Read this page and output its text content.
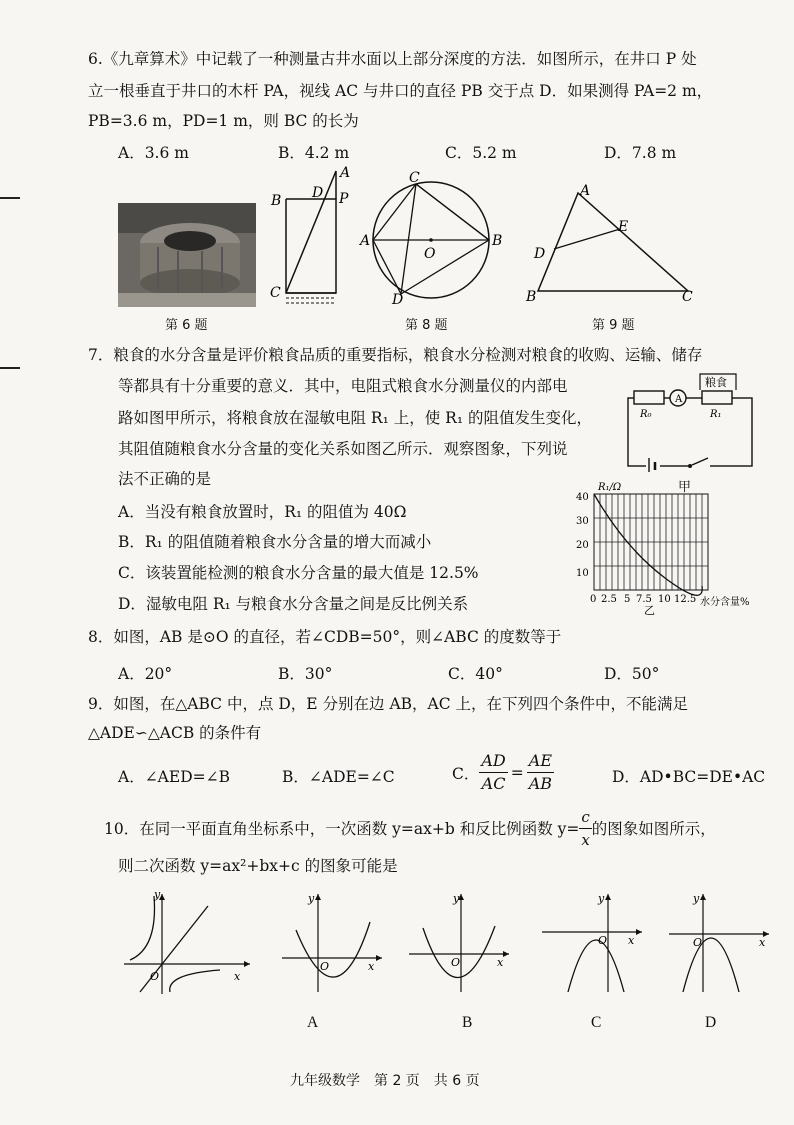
6.《九章算术》中记载了一种测量古井水面以上部分深度的方法．如图所示，在井口 P 处
立一根垂直于井口的木杆 PA，视线 AC 与井口的直径 PB 交于点 D．如果测得 PA=2 m，
PB=3.6 m，PD=1 m，则 BC 的长为
A．3.6 m	B．4.2 m	C．5.2 m	D．7.8 m
第 6 题
B D
A
P
C
C
A
O
B
D
第 8 题
A
E
D
B	C
第 9 题
7．粮食的水分含量是评价粮食品质的重要指标，粮食水分检测对粮食的收购、运输、储存
等都具有十分重要的意义．其中，电阻式粮食水分测量仪的内部电
路如图甲所示，将粮食放在湿敏电阻 R₁ 上，使 R₁ 的阻值发生变化，
其阻值随粮食水分含量的变化关系如图乙所示．观察图象，下列说
法不正确的是
A．当没有粮食放置时，R₁ 的阻值为 40Ω
B．R₁ 的阻值随着粮食水分含量的增大而减小
C．该装置能检测的粮食水分含量的最大值是 12.5%
D．湿敏电阻 R₁ 与粮食水分含量之间是反比例关系
A
粮食
R₀	R₁
甲
R₁/Ω
40
30
20
10
0 2.5 5 7.5 10 12.5 水分含量%
乙
8．如图，AB 是⊙O 的直径，若∠CDB=50°，则∠ABC 的度数等于
A．20°	B．30°	C．40°	D．50°
9．如图，在△ABC 中，点 D，E 分别在边 AB，AC 上，在下列四个条件中，不能满足
△ADE∽△ACB 的条件有
A．∠AED=∠B	B．∠ADE=∠C	C． $\frac{AD}{AC} = \frac{AE}{AB}$	D．AD•BC=DE•AC
10．在同一平面直角坐标系中，一次函数 y=ax+b 和反比例函数 $y= \frac{c}{x}$ 的图象如图所示，
则二次函数 y=ax²+bx+c 的图象可能是
y
x
O
y
x
O
A
y
x
O
B
y
x
O
C
y
x
O
D
九年级数学　第 2 页　共 6 页
